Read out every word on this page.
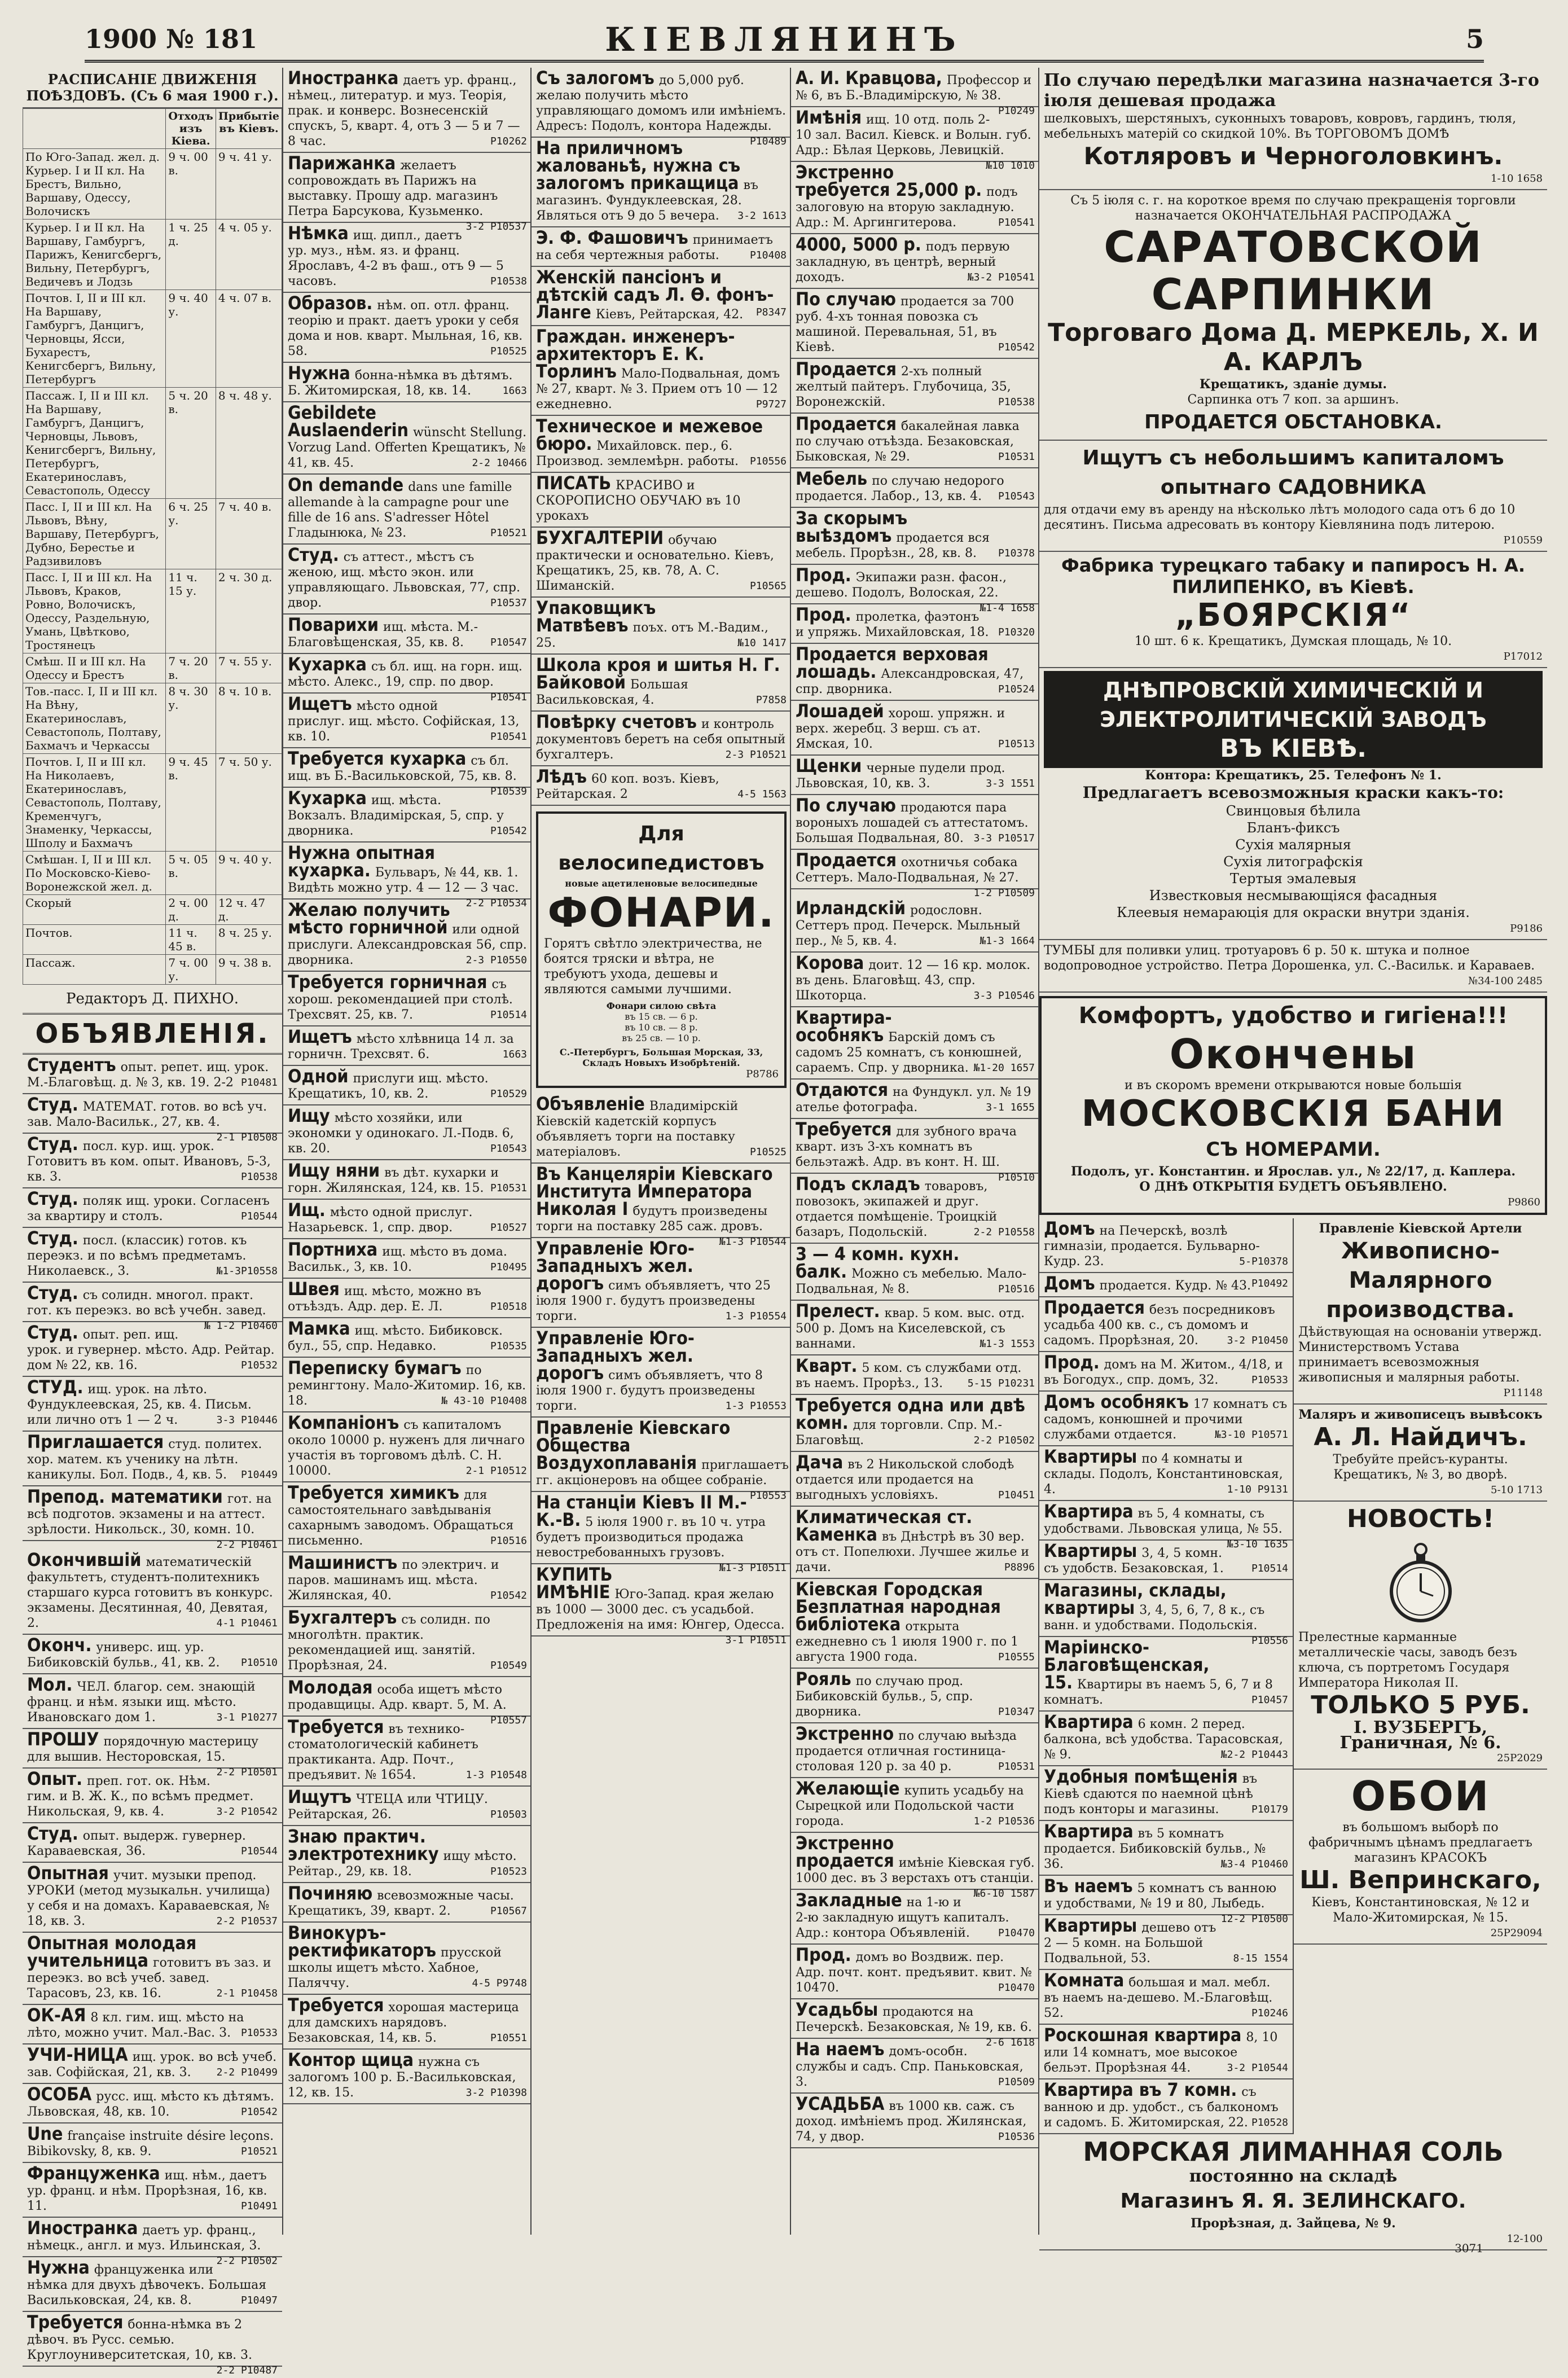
1900 № 181	КІЕВЛЯНИНЪ	5
РАСПИСАНІЕ ДВИЖЕНІЯ ПОѢЗДОВЪ. (Съ 6 мая 1900 г.).
	Отходъ изъ Кіева.	Прибытіе въ Кіевъ.
По Юго-Запад. жел. д. Курьер. I и II кл. На Брестъ, Вильно, Варшаву, Одессу, Волочискъ	9 ч. 00 в.	9 ч. 41 у.
Курьер. I и II кл. На Варшаву, Гамбургъ, Парижъ, Кенигсбергъ, Вильну, Петербургъ, Ведичевъ и Лодзь	1 ч. 25 д.	4 ч. 05 у.
Почтов. I, II и III кл. На Варшаву, Гамбургъ, Данцигъ, Черновцы, Ясси, Бухарестъ, Кенигсбергъ, Вильну, Петербургъ	9 ч. 40 у.	4 ч. 07 в.
Пассаж. I, II и III кл. На Варшаву, Гамбургъ, Данцигъ, Черновцы, Львовъ, Кенигсбергъ, Вильну, Петербургъ, Екатеринославъ, Севастополь, Одессу	5 ч. 20 в.	8 ч. 48 у.
Пасс. I, II и III кл. На Львовъ, Вѣну, Варшаву, Петербургъ, Дубно, Берестье и Радзивиловъ	6 ч. 25 у.	7 ч. 40 в.
Пасс. I, II и III кл. На Львовъ, Краков, Ровно, Волочискъ, Одессу, Раздельную, Умань, Цвѣтково, Тростянецъ	11 ч. 15 у.	2 ч. 30 д.
Смѣш. II и III кл. На Одессу и Брестъ	7 ч. 20 в.	7 ч. 55 у.
Тов.-пасс. I, II и III кл. На Вѣну, Екатеринославъ, Севастополь, Полтаву, Бахмачъ и Черкассы	8 ч. 30 у.	8 ч. 10 в.
Почтов. I, II и III кл. На Николаевъ, Екатеринославъ, Севастополь, Полтаву, Кременчугъ, Знаменку, Черкассы, Шполу и Бахмачъ	9 ч. 45 в.	7 ч. 50 у.
Смѣшан. I, II и III кл. По Московско-Кіево-Воронежской жел. д.	5 ч. 05 в.	9 ч. 40 у.
Скорый	2 ч. 00 д.	12 ч. 47 д.
Почтов.	11 ч. 45 в.	8 ч. 25 у.
Пассаж.	7 ч. 00 у.	9 ч. 38 в.
Редакторъ Д. ПИХНО.
ОБЪЯВЛЕНІЯ.
Студентъ опыт. репет. ищ. урок. М.-Благовѣщ. д. № 3, кв. 19. 2-2 Р10481
Студ. МАТЕМАТ. готов. во всѣ уч. зав. Мало-Васильк., 27, кв. 4.
2-1 Р10508
Студ. посл. кур. ищ. урок. Готовитъ въ ком. опыт. Ивановъ, 5-3, кв. 3.	Р10538
Студ. поляк ищ. уроки. Согласенъ за квартиру и столъ.	Р10544
Студ. посл. (классик) готов. къ переэкз. и по всѣмъ предметамъ. Николаевск., 3.	№1-3Р10558
Студ. съ солидн. многол. практ. гот. къ переэкз. во всѣ учебн. завед.
№ 1-2 Р10460
Студ. опыт. реп. ищ. урок. и гувернер. мѣсто. Адр. Рейтар. дом № 22, кв. 16.	Р10532
СТУД. ищ. урок. на лѣто. Фундуклеевская, 25, кв. 4. Письм. или лично отъ 1 — 2 ч.	3-3 Р10446
Приглашается студ. политех. хор. матем. къ ученику на лѣтн. каникулы. Бол. Подв., 4, кв. 5. Р10449
Препод. математики гот. на всѣ подготов. экзамены и на аттест. зрѣлости. Никольск., 30, комн. 10.
2-2 Р10461
Окончившій математическій факультетъ, студентъ-политехникъ старшаго курса готовитъ въ конкурс. экзамены. Десятинная, 40, Девятая, 2.	4-1 Р10461
Оконч. универс. ищ. ур. Бибиковскій бульв., 41, кв. 2. Р10510
Мол. ЧЕЛ. благор. сем. знающій франц. и нѣм. языки ищ. мѣсто. Ивановскаго дом 1.	3-1 Р10277
ПРОШУ порядочную мастерицу для вышив. Несторовская, 15.
2-2 Р10501
Опыт. преп. гот. ок. Нѣм. гим. и В. Ж. К., по всѣмъ предмет. Никольская, 9, кв. 4.	3-2 Р10542
Студ. опыт. выдерж. гувернер. Караваевская, 36.	Р10544
Опытная учит. музыки препод. УРОКИ (метод музыкальн. училища) у себя и на домахъ. Караваевская, № 18, кв. 3.	2-2 Р10537
Опытная молодая учительница готовитъ въ заз. и переэкз. во всѣ учеб. завед. Тарасовъ, 23, кв. 16.	2-1 Р10458
ОК-АЯ 8 кл. гим. ищ. мѣсто на лѣто, можно учит. Мал.-Вас. 3. Р10533
УЧИ-НИЦА ищ. урок. во всѣ учеб. зав. Софійская, 21, кв. 3. 2-2 Р10499
ОСОБА русс. ищ. мѣсто къ дѣтямъ. Львовская, 48, кв. 10.	Р10542
Une française instruite désire leçons. Bibikovsky, 8, кв. 9.	Р10521
Француженка ищ. нѣм., даетъ ур. франц. и нѣм. Прорѣзная, 16, кв. 11.	Р10491
Иностранка даетъ ур. франц., нѣмецк., англ. и муз. Ильинская, 3.
2-2 Р10502
Нужна француженка или нѣмка для двухъ дѣвочекъ. Большая Васильковская, 24, кв. 8.	Р10497
Требуется бонна-нѣмка въ 2 дѣвоч. въ Русс. семью. Круглоуниверситетская, 10, кв. 3.
2-2 Р10487
Иностранка даетъ ур. франц., нѣмец., литератур. и муз. Теорія, прак. и конверс. Вознесенскій спускъ, 5, кварт. 4, отъ 3 — 5 и 7 — 8 час.	Р10262
Парижанка желаетъ сопровождать въ Парижъ на выставку. Прошу адр. магазинъ Петра Барсукова, Кузьменко.
3-2 Р10537
Нѣмка ищ. дипл., даетъ ур. муз., нѣм. яз. и франц. Ярославъ, 4-2 въ фаш., отъ 9 — 5 часовъ.	Р10538
Образов. нѣм. оп. отл. франц. теорію и практ. даетъ уроки у себя дома и нов. кварт. Мыльная, 16, кв. 58.	Р10525
Нужна бонна-нѣмка въ дѣтямъ. Б. Житомирская, 18, кв. 14.	1663
Gebildete Auslaenderin wünscht Stellung. Vorzug Land. Offerten Крещатикъ, № 41, кв. 45.	2-2 10466
On demande dans une famille allemande à la campagne pour une fille de 16 ans. S'adresser Hôtel Гладынюка, № 23.	Р10521
Студ. съ аттест., мѣстъ съ женою, ищ. мѣсто экон. или управляющаго. Львовская, 77, спр. двор.	Р10537
Поварихи ищ. мѣста. М.-Благовѣщенская, 35, кв. 8.	Р10547
Кухарка съ бл. ищ. на горн. ищ. мѣсто. Алекс., 19, спр. по двор.
Р10541
Ищетъ мѣсто одной прислуг. ищ. мѣсто. Софійская, 13, кв. 10.	Р10541
Требуется кухарка съ бл. ищ. въ Б.-Васильковской, 75, кв. 8.
Р10539
Кухарка ищ. мѣста. Вокзалъ. Владимірская, 5, спр. у дворника.	Р10542
Нужна опытная кухарка. Бульваръ, № 44, кв. 1. Видѣть можно утр. 4 — 12 — 3 час.
2-2 Р10534
Желаю получить мѣсто горничной или одной прислуги. Александровская 56, спр. дворника.	2-3 Р10550
Требуется горничная съ хорош. рекомендацией при столѣ. Трехсвят. 25, кв. 7.	Р10514
Ищетъ мѣсто хлѣвница 14 л. за горничн. Трехсвят. 6.	1663
Одной прислуги ищ. мѣсто. Крещатикъ, 10, кв. 2.	Р10529
Ищу мѣсто хозяйки, или экономки у одинокаго. Л.-Подв. 6, кв. 20.	Р10543
Ищу няни въ дѣт. кухарки и горн. Жилянская, 124, кв. 15. Р10531
Ищ. мѣсто одной прислуг. Назарьевск. 1, спр. двор.	Р10527
Портниха ищ. мѣсто въ дома. Васильк., 3, кв. 10.	Р10495
Швея ищ. мѣсто, можно въ отъѣздъ. Адр. дер. Е. Л.	Р10518
Мамка ищ. мѣсто. Бибиковск. бул., 55, спр. Недавко.	Р10535
Переписку бумагъ по ремингтону. Мало-Житомир. 16, кв. 18.	№ 43-10 Р10408
Компаніонъ съ капиталомъ около 10000 р. нуженъ для личнаго участія въ торговомъ дѣлѣ. С. Н. 10000.	2-1 Р10512
Требуется химикъ для самостоятельнаго завѣдыванія сахарнымъ заводомъ. Обращаться письменно.	Р10516
Машинистъ по электрич. и паров. машинамъ ищ. мѣста. Жилянская, 40.	Р10542
Бухгалтеръ съ солидн. по многолѣтн. практик. рекомендацией ищ. занятій. Прорѣзная, 24.	Р10549
Молодая особа ищетъ мѣсто продавщицы. Адр. кварт. 5, М. А.
Р10557
Требуется въ технико-стоматологическій кабинетъ практиканта. Адр. Почт., предъявит. № 1654.	1-3 Р10548
Ищутъ ЧТЕЦА или ЧТИЦУ. Рейтарская, 26.	Р10503
Знаю практич. электротехнику ищу мѣсто. Рейтар., 29, кв. 18.	Р10523
Починяю всевозможные часы. Крещатикъ, 39, кварт. 2.	Р10567
Винокуръ-ректификаторъ прусской школы ищетъ мѣсто. Хабное, Паляччу.	4-5 Р9748
Требуется хорошая мастерица для дамскихъ нарядовъ. Безаковская, 14, кв. 5.	Р10551
Контор щица нужна съ залогомъ 100 р. Б.-Васильковская, 12, кв. 15.	3-2 Р10398
Съ залогомъ до 5,000 руб. желаю получить мѣсто управляющаго домомъ или имѣніемъ. Адресъ: Подолъ, контора Надежды.
Р10489
На приличномъ жалованьѣ, нужна съ залогомъ прикащица въ магазинъ. Фундуклеевская, 28. Являться отъ 9 до 5 вечера. 3-2 1613
Э. Ф. Фашовичъ принимаетъ на себя чертежныя работы.	Р10408
Женскій пансіонъ и дѣтскій садъ Л. Ө. фонъ-Ланге Кіевъ, Рейтарская, 42. Р8347
Граждан. инженеръ-архитекторъ Е. К. Торлинъ Мало-Подвальная, домъ № 27, кварт. № 3. Прием отъ 10 — 12 ежедневно.	Р9727
Техническое и межевое бюро. Михайловск. пер., 6. Производ. землемѣрн. работы. Р10556
ПИСАТЬ КРАСИВО и СКОРОПИСНО ОБУЧАЮ въ 10 урокахъ
БУХГАЛТЕРІИ обучаю практически и основательно. Кіевъ, Крещатикъ, 25, кв. 78, А. С. Шиманскій.	Р10565
Упаковщикъ Матвѣевъ поъх. отъ М.-Вадим., 25.	№10 1417
Школа кроя и шитья Н. Г. Байковой Большая Васильковская, 4.	Р7858
Повѣрку счетовъ и контроль документовъ беретъ на себя опытный бухгалтеръ.	2-3 Р10521
Лѣдъ 60 коп. возъ. Кіевъ, Рейтарская. 2	4-5 1563
Для велосипедистовъ
новые ацетиленовые велосипедные
ФОНАРИ.
Горятъ свѣтло электричества, не боятся тряски и вѣтра, не требуютъ ухода, дешевы и являются самыми лучшими.
Фонари силою свѣта
въ 15 св. — 6 р.
въ 10 св. — 8 р.
въ 25 св. — 10 р.
С.-Петербургъ, Большая Морская, 33, Складъ Новыхъ Изобрѣтеній.
Р8786
Объявленіе Владимірскій Кіевскій кадетскій корпусъ объявляетъ торги на поставку матеріаловъ.	Р10525
Въ Канцеляріи Кіевскаго Института Императора Николая I будутъ произведены торги на поставку 285 саж. дровъ.
№1-3 Р10544
Управленіе Юго-Западныхъ жел. дорогъ симъ объявляетъ, что 25 іюля 1900 г. будутъ произведены торги.	1-3 Р10554
Управленіе Юго-Западныхъ жел. дорогъ симъ объявляетъ, что 8 іюля 1900 г. будутъ произведены торги.	1-3 Р10553
Правленіе Кіевскаго Общества Воздухоплаванія приглашаетъ гг. акціонеровъ на общее собраніе.
Р10553
На станціи Кіевъ II М.-К.-В. 5 іюля 1900 г. въ 10 ч. утра будетъ производиться продажа невостребованныхъ грузовъ.
№1-3 Р10511
КУПИТЬ ИМѢНІЕ Юго-Запад. края желаю въ 1000 — 3000 дес. съ усадьбой. Предложенія на имя: Юнгер, Одесса.
3-1 Р10511
А. И. Кравцова, Профессор и № 6, въ Б.-Владимірскую, № 38.
Р10249
Имѣнія ищ. 10 отд. поль 2-10 зал. Васил. Кіевск. и Волын. губ. Адр.: Бѣлая Церковь, Левицкій.
№10 1010
Экстренно требуется 25,000 р. подъ залоговую на вторую закладную. Адр.: М. Аргингитерова.	Р10541
4000, 5000 р. подъ первую закладную, въ центрѣ, верный доходъ.	№3-2 Р10541
По случаю продается за 700 руб. 4-хъ тонная повозка съ машиной. Перевальная, 51, въ Кіевѣ.	Р10542
Продается 2-хъ полный желтый пайтеръ. Глубочица, 35, Воронежскій.	Р10538
Продается бакалейная лавка по случаю отъѣзда. Безаковская, Быковская, № 29.	Р10531
Мебель по случаю недорого продается. Лабор., 13, кв. 4. Р10543
За скорымъ выѣздомъ продается вся мебель. Прорѣзн., 28, кв. 8. Р10378
Прод. Экипажи разн. фасон., дешево. Подолъ, Волоская, 22.
№1-4 1658
Прод. пролетка, фаэтонъ и упряжь. Михайловская, 18. Р10320
Продается верховая лошадь. Александровская, 47, спр. дворника.	Р10524
Лошадей хорош. упряжн. и верх. жеребц. 3 верш. съ ат. Ямская, 10.	Р10513
Щенки черные пудели прод. Львовская, 10, кв. 3.	3-3 1551
По случаю продаются пара вороныхъ лошадей съ аттестатомъ. Большая Подвальная, 80. 3-3 Р10517
Продается охотничья собака Сеттеръ. Мало-Подвальная, № 27.
1-2 Р10509
Ирландскій родословн. Сеттеръ прод. Печерск. Мыльный пер., № 5, кв. 4.	№1-3 1664
Корова доит. 12 — 16 кр. молок. въ день. Благовѣщ. 43, спр. Шкоторца.	3-3 Р10546
Квартира-особнякъ Барскій домъ съ садомъ 25 комнатъ, съ конюшней, сараемъ. Спр. у дворника. №1-20 1657
Отдаются на Фундукл. ул. № 19 ателье фотографа.	3-1 1655
Требуется для зубного врача кварт. изъ 3-хъ комнатъ въ бельэтажѣ. Адр. въ конт. Н. Ш.
Р10510
Подъ складъ товаровъ, повозокъ, экипажей и друг. отдается помѣщеніе. Троицкій базаръ, Подольскій.	2-2 Р10558
3 — 4 комн. кухн. балк. Можно съ мебелью. Мало-Подвальная, № 8.	Р10516
Прелест. квар. 5 ком. выс. отд. 500 р. Домъ на Киселевской, съ ваннами.	№1-3 1553
Кварт. 5 ком. съ службами отд. въ наемъ. Прорѣз., 13. 5-15 Р10231
Требуется одна или двѣ комн. для торговли. Спр. М.-Благовѣщ.	2-2 Р10502
Дача въ 2 Никольской слободѣ отдается или продается на выгодныхъ условіяхъ.	Р10451
Климатическая ст. Каменка въ Днѣстрѣ въ 30 вер. отъ ст. Попелюхи. Лучшее жилье и дачи.	Р8896
Кіевская Городская Безплатная народная библіотека открыта ежедневно съ 1 июля 1900 г. по 1 августа 1900 года.	Р10555
Рояль по случаю прод. Бибиковскій бульв., 5, спр. дворника.	Р10347
Экстренно по случаю выѣзда продается отличная гостиница-столовая 120 р. за 40 р.	Р10531
Желающіе купить усадьбу на Сырецкой или Подольской части города.	1-2 Р10536
Экстренно продается имѣніе Кіевская губ. 1000 дес. въ 3 верстахъ отъ станціи.
№6-10 1587
Закладные на 1-ю и 2-ю закладную ищутъ капиталъ. Адр.: контора Объявленій.	Р10470
Прод. домъ во Воздвиж. пер. Адр. почт. конт. предъявит. квит. № 10470.	Р10470
Усадьбы продаются на Печерскѣ. Безаковская, № 19, кв. 6.
2-6 1618
На наемъ домъ-особн. службы и садъ. Спр. Паньковская, 3.	Р10509
УСАДЬБА въ 1000 кв. саж. съ доход. имѣніемъ прод. Жилянская, 74, у двор.	Р10536
По случаю передѣлки магазина назначается 3-го іюля дешевая продажа
шелковыхъ, шерстяныхъ, суконныхъ товаровъ, ковровъ, гардинъ, тюля, мебельныхъ матерій со скидкой 10%. Въ ТОРГОВОМЪ ДОМѢ
Котляровъ и Черноголовкинъ.
1-10 1658
Съ 5 іюля с. г. на короткое время по случаю прекращенія торговли назначается ОКОНЧАТЕЛЬНАЯ РАСПРОДАЖА
САРАТОВСКОЙ САРПИНКИ
Торговаго Дома Д. МЕРКЕЛЬ, Х. И А. КАРЛЪ
Крещатикъ, зданіе думы.
Сарпинка отъ 7 коп. за аршинъ.
ПРОДАЕТСЯ ОБСТАНОВКА.
Ищутъ съ небольшимъ капиталомъ опытнаго САДОВНИКА
для отдачи ему въ аренду на нѣсколько лѣтъ молодого сада отъ 6 до 10 десятинъ. Письма адресовать въ контору Кіевлянина подъ литерою.
Р10559
Фабрика турецкаго табаку и папиросъ Н. А. ПИЛИПЕНКО, въ Кіевѣ.
„БОЯРСКІЯ“
10 шт. 6 к. Крещатикъ, Думская площадь, № 10.
Р17012
ДНѢПРОВСКІЙ ХИМИЧЕСКІЙ И ЭЛЕКТРОЛИТИЧЕСКІЙ ЗАВОДЪ
ВЪ КІЕВѢ.
Контора: Крещатикъ, 25. Телефонъ № 1.
Предлагаетъ всевозможныя краски какъ-то:
Свинцовыя бѣлила
Бланъ-фиксъ
Сухія малярныя
Сухія литографскія
Тертыя эмалевыя
Известковыя несмывающіяся фасадныя
Клеевыя немараюція для окраски внутри зданія.
Р9186
ТУМБЫ для поливки улиц. тротуаровъ 6 р. 50 к. штука и полное водопроводное устройство. Петра Дорошенка, ул. С.-Васильк. и Караваев.
№34-100 2485
Комфортъ, удобство и гигіена!!!
Окончены
и въ скоромъ времени открываются новые большія
МОСКОВСКІЯ БАНИ
СЪ НОМЕРАМИ.
Подолъ, уг. Константин. и Ярослав. ул., № 22/17, д. Каплера.
О ДНѢ ОТКРЫТІЯ БУДЕТЪ ОБЪЯВЛЕНО.
Р9860
Домъ на Печерскѣ, возлѣ гимназіи, продается. Бульварно-Кудр. 23.	5-Р10378
Домъ продается. Кудр. № 43. Р10492
Продается безъ посредниковъ усадьба 400 кв. с., съ домомъ и садомъ. Прорѣзная, 20.	3-2 Р10450
Прод. домъ на М. Житом., 4/18, и въ Богодух., спр. домъ, 32.	Р10533
Домъ особнякъ 17 комнатъ съ садомъ, конюшней и прочими службами отдается.	№3-10 Р10571
Квартиры по 4 комнаты и склады. Подолъ, Константиновская, 4.	1-10 Р9131
Квартира въ 5, 4 комнаты, съ удобствами. Львовская улица, № 55.
№3-10 1635
Квартиры 3, 4, 5 комн. съ удобств. Безаковская, 1.	Р10514
Магазины, склады, квартиры 3, 4, 5, 6, 7, 8 к., съ ванн. и удобствами. Подольскія.
Р10556
Маріинско-Благовѣщенская, 15. Квартиры въ наемъ 5, 6, 7 и 8 комнатъ.	Р10457
Квартира 6 комн. 2 перед. балкона, всѣ удобства. Тарасовская, № 9.	№2-2 Р10443
Удобныя помѣщенія въ Кіевѣ сдаются по наемной цѣнѣ подъ конторы и магазины.	Р10179
Квартира въ 5 комнатъ продается. Бибиковскій бульв., № 36.	№3-4 Р10460
Въ наемъ 5 комнатъ съ ванною и удобствами, № 19 и 80, Лыбедь.
12-2 Р10500
Квартиры дешево отъ 2 — 5 комн. на Большой Подвальной, 53.	8-15 1554
Комната большая и мал. мебл. въ наемъ на-дешево. М.-Благовѣщ. 52.	Р10246
Роскошная квартира 8, 10 или 14 комнатъ, мое высокое бельэт. Прорѣзная 44.	3-2 Р10544
Квартира въ 7 комн. съ ванною и др. удобст., съ балкономъ и садомъ. Б. Житомирская, 22. Р10528
Правленіе Кіевской Артели
Живописно-Малярного производства.
Дѣйствующая на основаніи утвержд. Министерствомъ Устава принимаетъ всевозможныя живописныя и малярныя работы.
Р11148
Маляръ и живописецъ вывѣсокъ
А. Л. Найдичъ.
Требуйте прейсъ-куранты. Крещатикъ, № 3, во дворѣ.
5-10 1713
НОВОСТЬ!
Прелестные карманные металлическіе часы, заводъ безъ ключа, съ портретомъ Государя Императора Николая II.
ТОЛЬКО 5 РУБ.
І. ВУЗБЕРГЪ, Граничная, № 6.
25Р2029
ОБОИ
въ большомъ выборѣ по фабричнымъ цѣнамъ предлагаетъ магазинъ КРАСОКЪ
Ш. Вепринскаго,
Кіевъ, Константиновская, № 12 и Мало-Житомирская, № 15.
25Р29094
МОРСКАЯ ЛИМАННАЯ СОЛЬ
постоянно на складѣ
Магазинъ Я. Я. ЗЕЛИНСКАГО.
Прорѣзная, д. Зайцева, № 9.
12-100
3071
